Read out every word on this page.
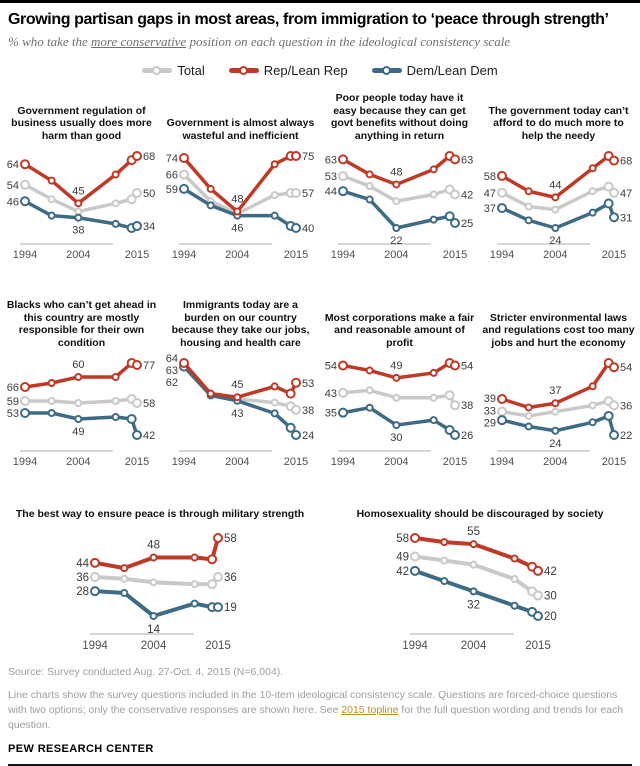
Growing partisan gaps in most areas, from immigration to ‘peace through strength’
% who take the more conservative position on each question in the ideological consistency scale
Total	Rep/Lean Rep	Dem/Lean Dem
Government regulation of business usually does more harm than good
1994	2004	2015
64
54
46
68
50
34
45
38
Government is almost always wasteful and inefficient
1994	2004	2015
74
66
59
75
57
40
48
46
Poor people today have it easy because they can get govt benefits without doing anything in return
1994	2004	2015
63
53
44
63
42
25
48
22
The government today can’t afford to do much more to help the needy
1994	2004	2015
58
47
37
68
47
31
44
24
Blacks who can’t get ahead in this country are mostly responsible for their own condition
1994	2004	2015
66
59
53
77
58
42
60
49
Immigrants today are a burden on our country because they take our jobs, housing and health care
1994	2004	2015
64
63
62	53
38
24
45
43
Most corporations make a fair and reasonable amount of profit
1994	2004	2015
54
43
35
54
38
26
49
30
Stricter environmental laws and regulations cost too many jobs and hurt the economy
1994	2004	2015
39
33
29
54
36
22
37
24
The best way to ensure peace is through military strength
1994	2004	2015
44
36
28
58
36
19
48
14
Homosexuality should be discouraged by society
1994	2004	2015
58
49
42	42
30
20
55
32
Source: Survey conducted Aug. 27-Oct. 4, 2015 (N=6,004).
Line charts show the survey questions included in the 10-item ideological consistency scale. Questions are forced-choice questions with two options; only the conservative responses are shown here. See 2015 topline for the full question wording and trends for each question.
PEW RESEARCH CENTER
